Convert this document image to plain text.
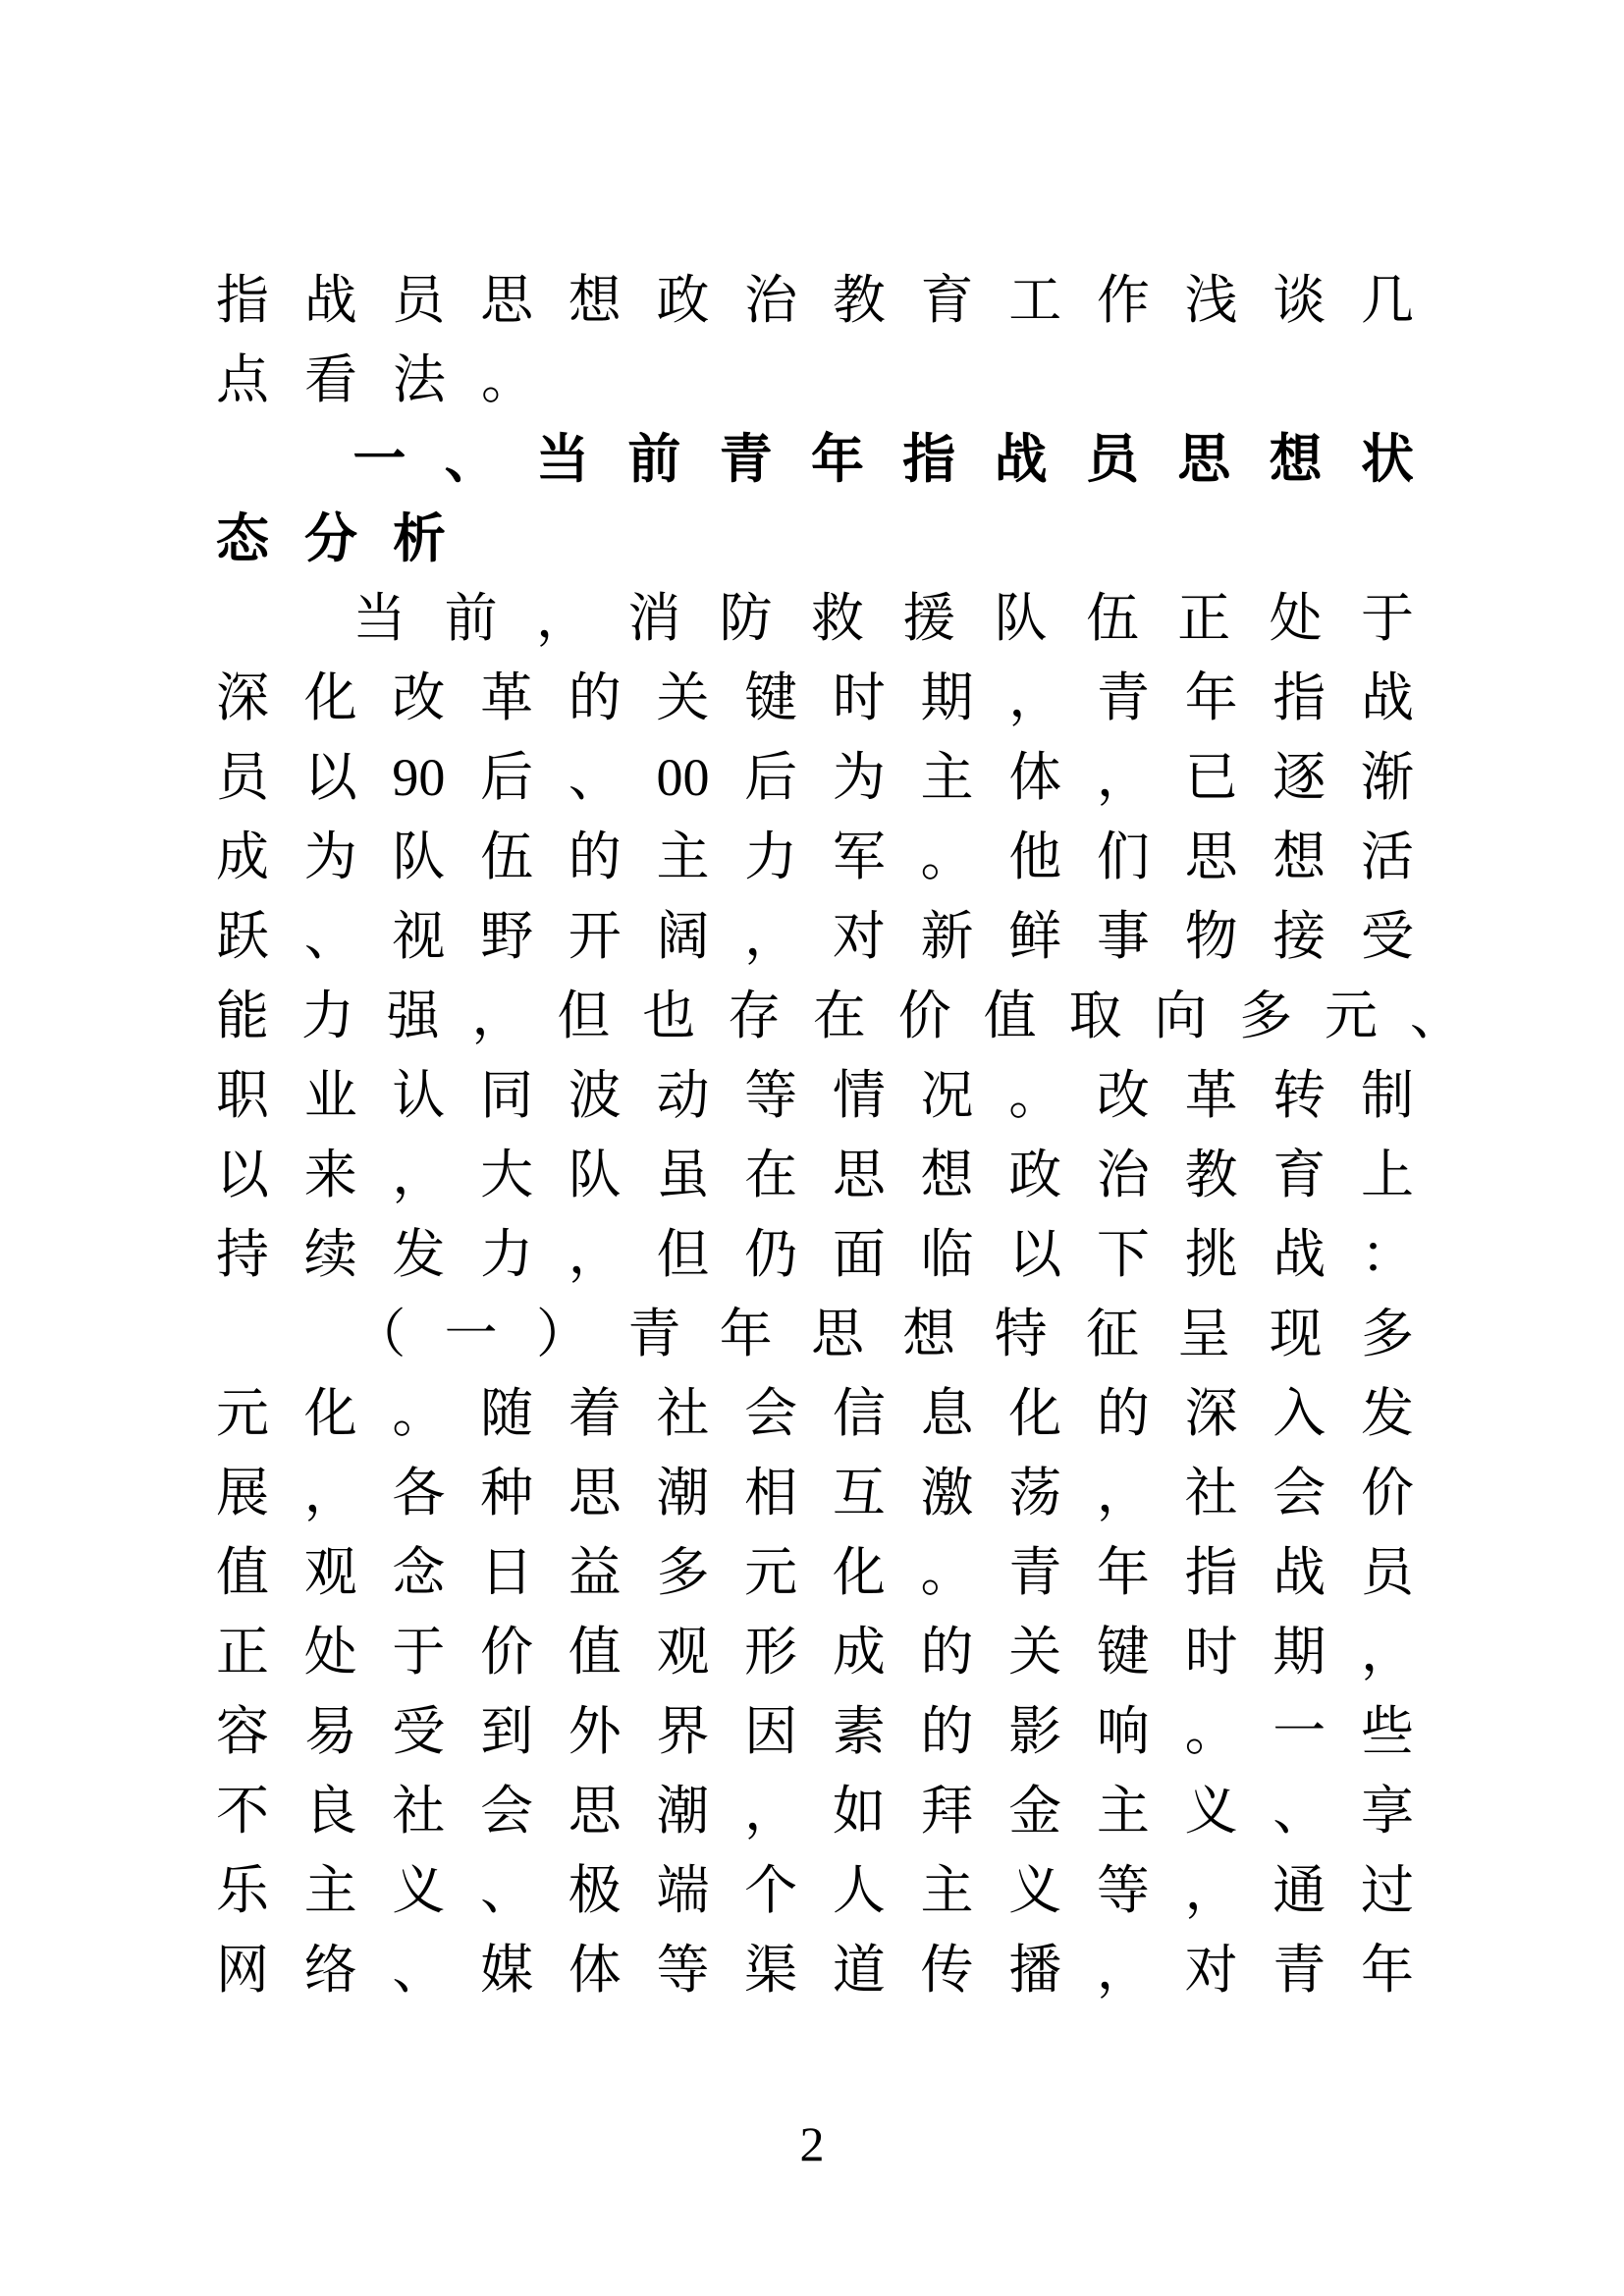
指 战 员 思 想 政 治 教 育 工 作 浅 谈 几
点看法。
一 、 当 前 青 年 指 战 员 思 想 状
态分析
当 前 ， 消 防 救 援 队 伍 正 处 于
深 化 改 革 的 关 键 时 期 ， 青 年 指 战
员 以 90 后 、 00 后 为 主 体 ， 已 逐 渐
成 为 队 伍 的 主 力 军 。 他 们 思 想 活
跃 、 视 野 开 阔 ， 对 新 鲜 事 物 接 受
能 力 强 ， 但 也 存 在 价 值 取 向 多 元 、
职 业 认 同 波 动 等 情 况 。 改 革 转 制
以 来 ， 大 队 虽 在 思 想 政 治 教 育 上
持 续 发 力 ， 但 仍 面 临 以 下 挑 战 ：
（ 一 ） 青 年 思 想 特 征 呈 现 多
元 化 。 随 着 社 会 信 息 化 的 深 入 发
展 ， 各 种 思 潮 相 互 激 荡 ， 社 会 价
值 观 念 日 益 多 元 化 。 青 年 指 战 员
正 处 于 价 值 观 形 成 的 关 键 时 期 ，
容 易 受 到 外 界 因 素 的 影 响 。 一 些
不 良 社 会 思 潮 ， 如 拜 金 主 义 、 享
乐 主 义 、 极 端 个 人 主 义 等 ， 通 过
网 络 、 媒 体 等 渠 道 传 播 ， 对 青 年
2
